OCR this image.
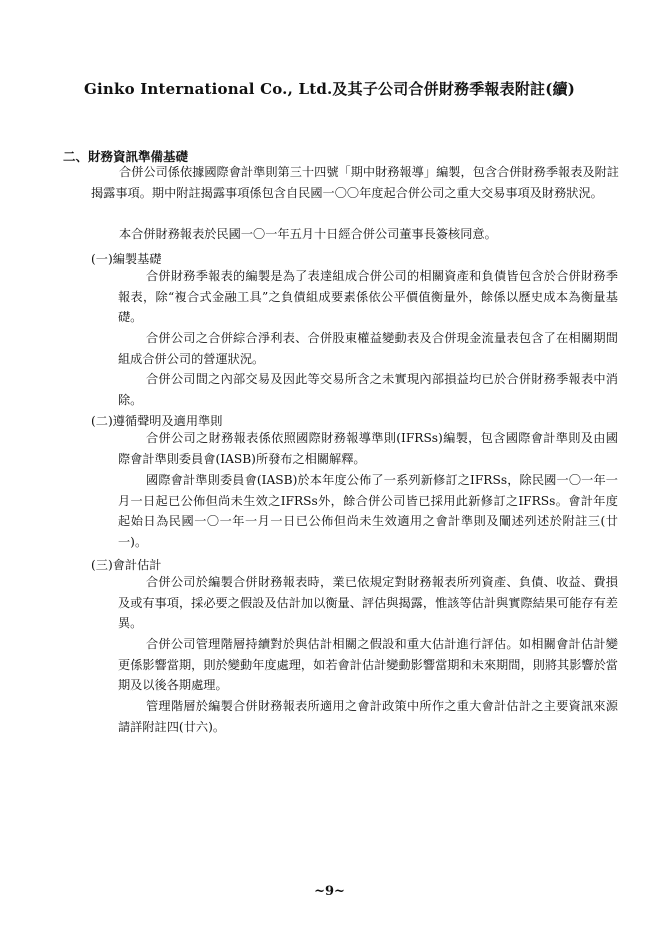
Ginko International Co., Ltd.及其子公司合併財務季報表附註(續)
二、財務資訊準備基礎
合併公司係依據國際會計準則第三十四號「期中財務報導」編製，包含合併財務季報表及附註揭露事項。期中附註揭露事項係包含自民國一〇〇年度起合併公司之重大交易事項及財務狀況。
本合併財務報表於民國一〇一年五月十日經合併公司董事長簽核同意。
(一)編製基礎
合併財務季報表的編製是為了表達組成合併公司的相關資產和負債皆包含於合併財務季報表，除“複合式金融工具”之負債組成要素係依公平價值衡量外，餘係以歷史成本為衡量基礎。
合併公司之合併綜合淨利表、合併股東權益變動表及合併現金流量表包含了在相關期間組成合併公司的營運狀況。
合併公司間之內部交易及因此等交易所含之未實現內部損益均已於合併財務季報表中消除。
(二)遵循聲明及適用準則
合併公司之財務報表係依照國際財務報導準則(IFRSs)編製，包含國際會計準則及由國際會計準則委員會(IASB)所發布之相關解釋。
國際會計準則委員會(IASB)於本年度公佈了一系列新修訂之IFRSs，除民國一〇一年一月一日起已公佈但尚未生效之IFRSs外，餘合併公司皆已採用此新修訂之IFRSs。會計年度起始日為民國一〇一年一月一日已公佈但尚未生效適用之會計準則及闡述列述於附註三(廿一)。
(三)會計估計
合併公司於編製合併財務報表時，業已依規定對財務報表所列資產、負債、收益、費損及或有事項，採必要之假設及估計加以衡量、評估與揭露，惟該等估計與實際結果可能存有差異。
合併公司管理階層持續對於與估計相關之假設和重大估計進行評估。如相關會計估計變更係影響當期，則於變動年度處理，如若會計估計變動影響當期和未來期間，則將其影響於當期及以後各期處理。
管理階層於編製合併財務報表所適用之會計政策中所作之重大會計估計之主要資訊來源請詳附註四(廿六)。
~9~
